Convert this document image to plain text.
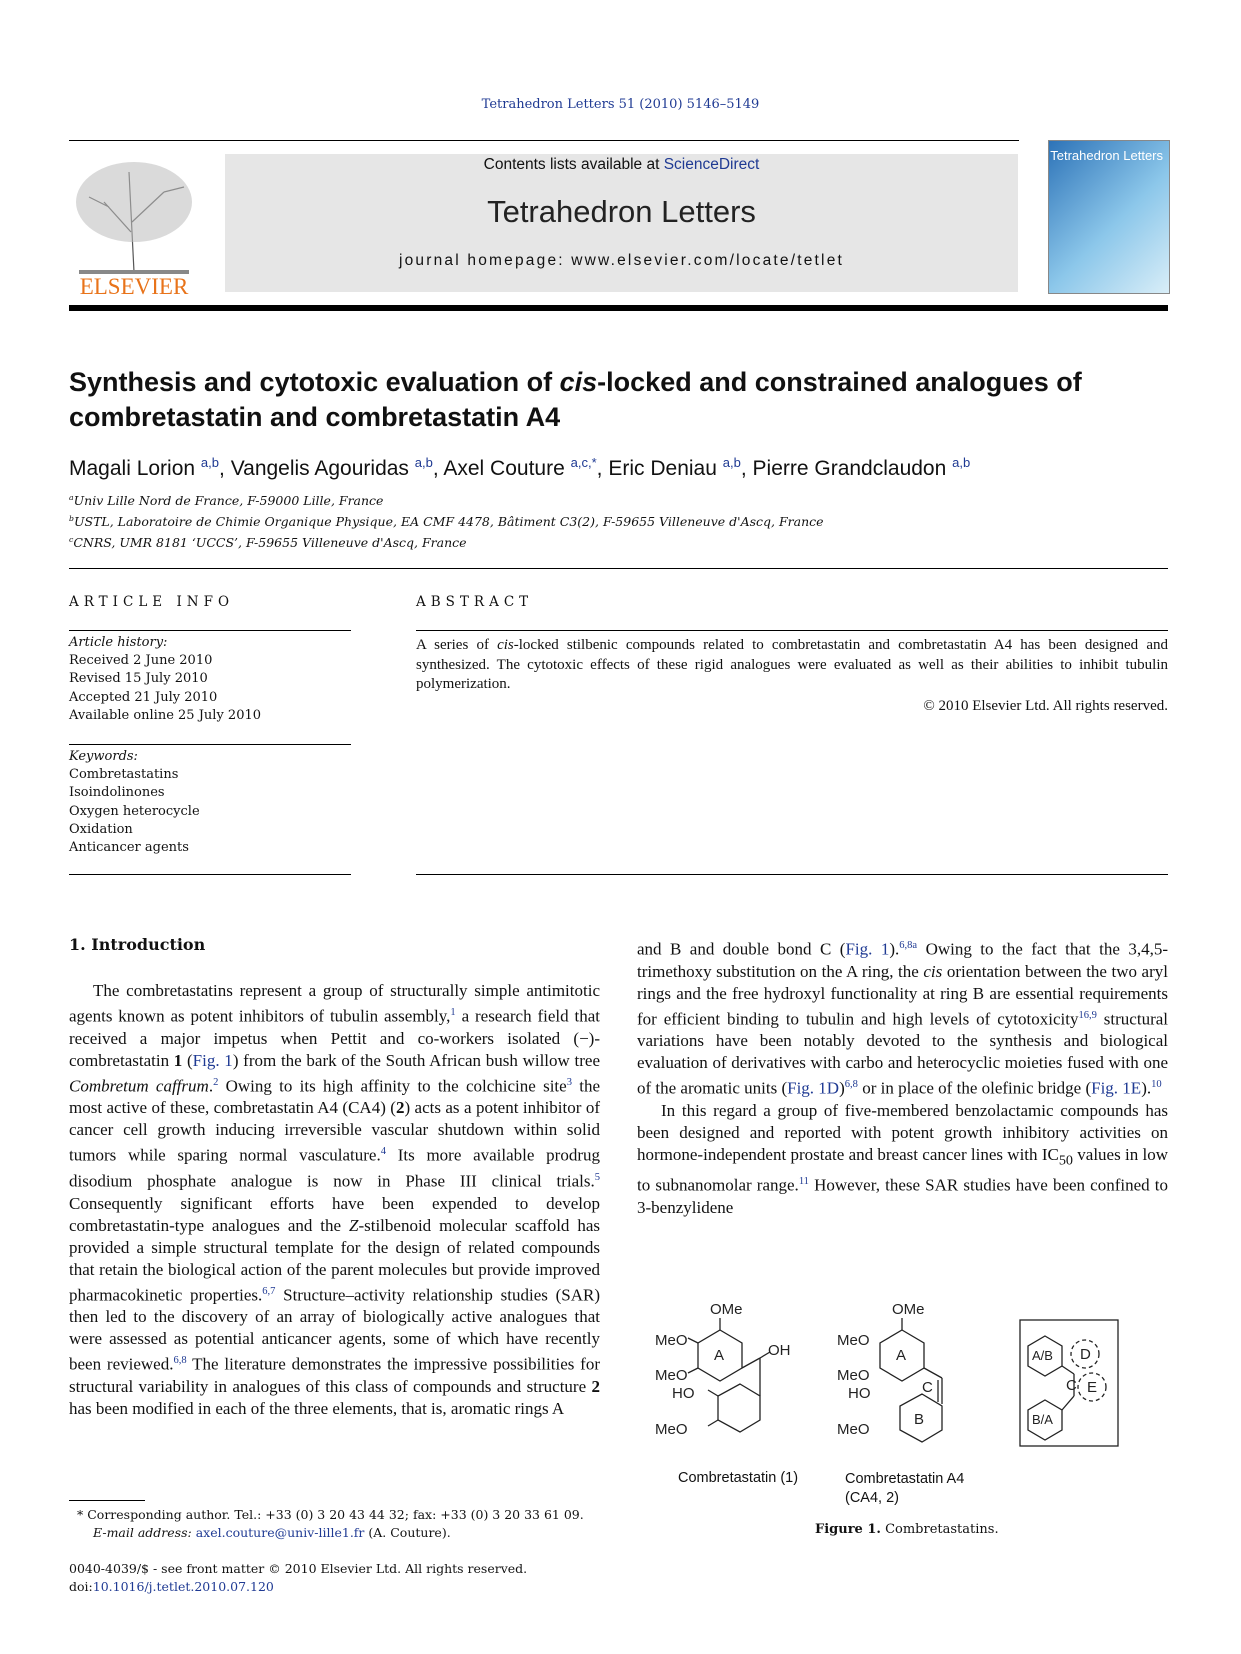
Tetrahedron Letters 51 (2010) 5146–5149
ELSEVIER
Contents lists available at ScienceDirect
Tetrahedron Letters
journal homepage: www.elsevier.com/locate/tetlet
Tetrahedron Letters
Synthesis and cytotoxic evaluation of cis-locked and constrained analogues of combretastatin and combretastatin A4
Magali Lorion $^{a,b}$, Vangelis Agouridas $^{a,b}$, Axel Couture $^{a,c,*}$, Eric Deniau $^{a,b}$, Pierre Grandclaudon $^{a,b}$
$^a$Univ Lille Nord de France, F-59000 Lille, France
$^b$USTL, Laboratoire de Chimie Organique Physique, EA CMF 4478, Bâtiment C3(2), F-59655 Villeneuve d'Ascq, France
$^c$CNRS, UMR 8181 ‘UCCS’, F-59655 Villeneuve d'Ascq, France
ARTICLE INFO
Article history:
Received 2 June 2010
Revised 15 July 2010
Accepted 21 July 2010
Available online 25 July 2010
Keywords:
Combretastatins
Isoindolinones
Oxygen heterocycle
Oxidation
Anticancer agents
ABSTRACT
A series of cis-locked stilbenic compounds related to combretastatin and combretastatin A4 has been designed and synthesized. The cytotoxic effects of these rigid analogues were evaluated as well as their abilities to inhibit tubulin polymerization.
© 2010 Elsevier Ltd. All rights reserved.
1. Introduction

The combretastatins represent a group of structurally simple antimitotic agents known as potent inhibitors of tubulin assembly,$^1$ a research field that received a major impetus when Pettit and co-workers isolated (−)-combretastatin 1 (Fig. 1) from the bark of the South African bush willow tree Combretum caffrum.$^2$ Owing to its high affinity to the colchicine site$^3$ the most active of these, combretastatin A4 (CA4) (2) acts as a potent inhibitor of cancer cell growth inducing irreversible vascular shutdown within solid tumors while sparing normal vasculature.$^4$ Its more available prodrug disodium phosphate analogue is now in Phase III clinical trials.$^5$ Consequently significant efforts have been expended to develop combretastatin-type analogues and the Z-stilbenoid molecular scaffold has provided a simple structural template for the design of related compounds that retain the biological action of the parent molecules but provide improved pharmacokinetic properties.$^{6,7}$ Structure–activity relationship studies (SAR) then led to the discovery of an array of biologically active analogues that were assessed as potential anticancer agents, some of which have recently been reviewed.$^{6,8}$ The literature demonstrates the impressive possibilities for structural variability in analogues of this class of compounds and structure 2 has been modified in each of the three elements, that is, aromatic rings A

and B and double bond C (Fig. 1).$^{6,8a}$ Owing to the fact that the 3,4,5-trimethoxy substitution on the A ring, the cis orientation between the two aryl rings and the free hydroxyl functionality at ring B are essential requirements for efficient binding to tubulin and high levels of cytotoxicity$^{16,9}$ structural variations have been notably devoted to the synthesis and biological evaluation of derivatives with carbo and heterocyclic moieties fused with one of the aromatic units (Fig. 1D)$^{6,8}$ or in place of the olefinic bridge (Fig. 1E).$^{10}$

In this regard a group of five-membered benzolactamic compounds has been designed and reported with potent growth inhibitory activities on hormone-independent prostate and breast cancer lines with $IC_{50}$ values in low to subnanomolar range.$^{11}$ However, these SAR studies have been confined to 3-benzylidene

OMe
MeO
MeO
A	OH
HO
MeO
OMe
MeO
MeO
A
C
HO
B
MeO
A/B
B/A
C
D
E
Combretastatin (1)	Combretastatin A4
(CA4, 2)
Figure 1. Combretastatins.
* Corresponding author. Tel.: +33 (0) 3 20 43 44 32; fax: +33 (0) 3 20 33 61 09.
E-mail address: axel.couture@univ-lille1.fr (A. Couture).
0040-4039/$ - see front matter © 2010 Elsevier Ltd. All rights reserved.
doi:10.1016/j.tetlet.2010.07.120
